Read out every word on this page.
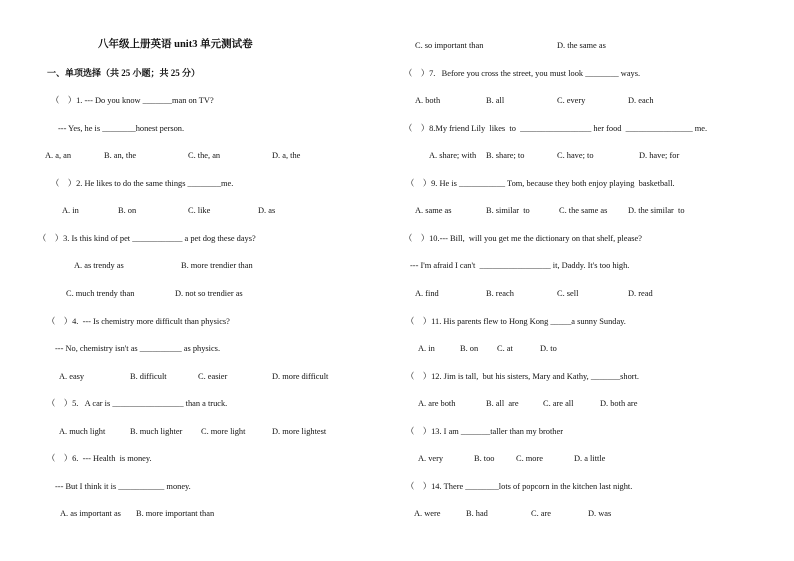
八年级上册英语 unit3 单元测试卷
一、单项选择（共 25 小题；共 25 分）
（    ）1. --- Do you know _______man on TV?
--- Yes, he is ________honest person.
A. a, an	B. an, the	C. the, an	D. a, the
（    ）2. He likes to do the same things ________me.
A. in	B. on	C. like	D. as
（    ）3. Is this kind of pet ____________ a pet dog these days?
A. as trendy as	B. more trendier than
C. much trendy than	D. not so trendier as
（    ）4.  --- Is chemistry more difficult than physics?
--- No, chemistry isn't as __________ as physics.
A. easy	B. difficult	C. easier	D. more difficult
（    ）5.   A car is _________________ than a truck.
A. much light	B. much lighter C. more light	D. more lightest
（    ）6.  --- Health  is money.
--- But I think it is ___________ money.
A. as important as B. more important than
C. so important than	D. the same as
（    ）7.   Before you cross the street, you must look ________ ways.
A. both	B. all	C. every	D. each
（    ）8.My friend Lily  likes  to  _________________ her food  ________________ me.
A. share; with B. share; to	C. have; to	D. have; for
（    ）9. He is ___________ Tom, because they both enjoy playing  basketball.
A. same as	B. similar  to	C. the same as D. the similar  to
（    ）10.--- Bill,  will you get me the dictionary on that shelf, please?
--- I'm afraid I can't  _________________ it, Daddy. It's too high.
A. find	B. reach	C. sell	D. read
（    ）11. His parents flew to Hong Kong _____a sunny Sunday.
A. in	B. on C. at	D. to
（    ）12. Jim is tall,  but his sisters, Mary and Kathy, _______short.
A. are both	B. all  are	C. are all	D. both are
（    ）13. I am _______taller than my brother
A. very	B. too	C. more	D. a little
（    ）14. There ________lots of popcorn in the kitchen last night.
A. were	B. had	C. are	D. was
